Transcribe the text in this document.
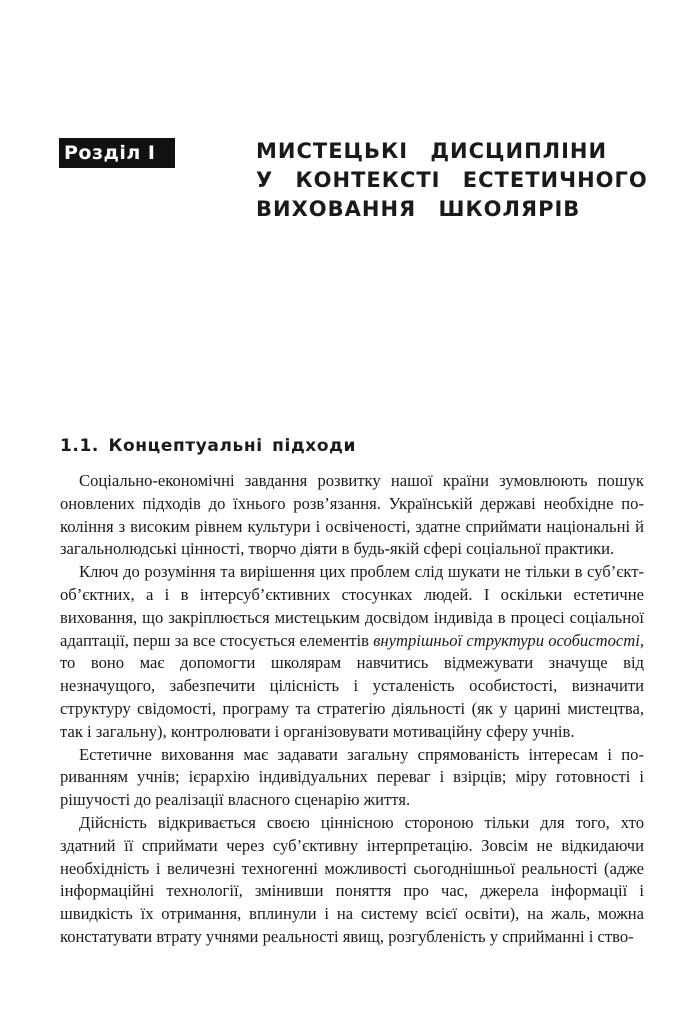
Розділ І	МИСТЕЦЬКІ ДИСЦИПЛІНИ
У КОНТЕКСТІ ЕСТЕТИЧНОГО
ВИХОВАННЯ ШКОЛЯРІВ
1.1. Концептуальні підходи

Соціально-економічні завдання розвитку нашої країни зумовлюють пошук оновлених підходів до їхнього розв’язання. Українській державі необхідне покоління з високим рівнем культури і освіченості, здатне сприймати національні й загальнолюдські цінності, творчо діяти в будь-якій сфері соціальної практики.

Ключ до розуміння та вирішення цих проблем слід шукати не тільки в суб’єкт-об’єктних, а і в інтерсуб’єктивних стосунках людей. І оскільки естетичне виховання, що закріплюється мистецьким досвідом індивіда в процесі соціальної адаптації, перш за все стосується елементів внутрішньої структури особистості, то воно має допомогти школярам навчитись відмежувати значуще від незначущого, забезпечити цілісність і усталеність особистості, визначити структуру свідомості, програму та стратегію діяльності (як у царині мистецтва, так і загальну), контролювати і організовувати мотиваційну сферу учнів.

Естетичне виховання має задавати загальну спрямованість інтересам і пориванням учнів; ієрархію індивідуальних переваг і взірців; міру готовності і рішучості до реалізації власного сценарію життя.

Дійсність відкривається своєю ціннісною стороною тільки для того, хто здатний її сприймати через суб’єктивну інтерпретацію. Зовсім не відкидаючи необхідність і величезні техногенні можливості сьогоднішньої реальності (адже інформаційні технології, змінивши поняття про час, джерела інформації і швидкість їх отримання, вплинули і на систему всієї освіти), на жаль, можна констатувати втрату учнями реальності явищ, розгубленість у сприйманні і ство-
